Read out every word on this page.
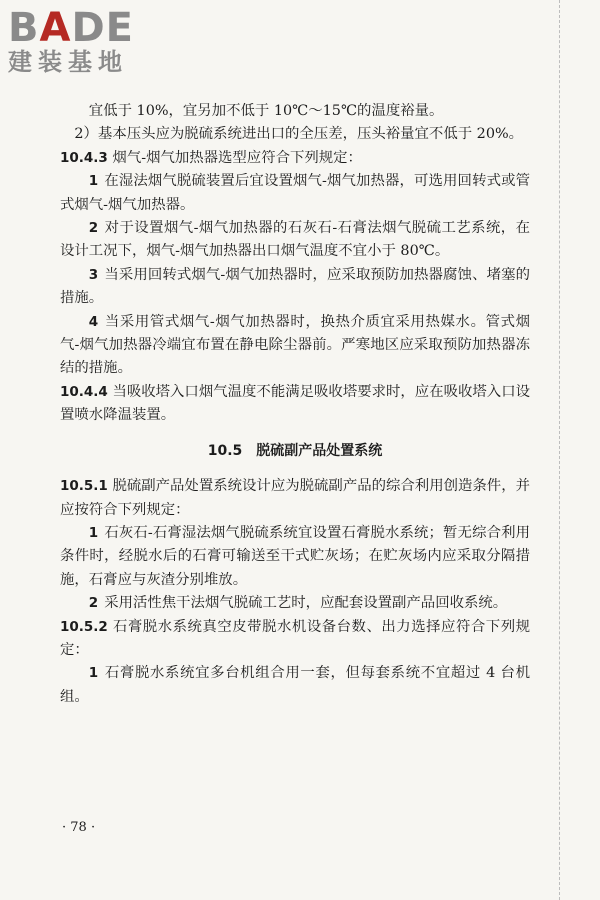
BADE
建装基地

宜低于 10%，宜另加不低于 10℃～15℃的温度裕量。

2）基本压头应为脱硫系统进出口的全压差，压头裕量宜不低于 20%。

10.4.3 烟气-烟气加热器选型应符合下列规定：

1 在湿法烟气脱硫装置后宜设置烟气-烟气加热器，可选用回转式或管式烟气-烟气加热器。

2 对于设置烟气-烟气加热器的石灰石-石膏法烟气脱硫工艺系统，在设计工况下，烟气-烟气加热器出口烟气温度不宜小于 80℃。

3 当采用回转式烟气-烟气加热器时，应采取预防加热器腐蚀、堵塞的措施。

4 当采用管式烟气-烟气加热器时，换热介质宜采用热媒水。管式烟气-烟气加热器冷端宜布置在静电除尘器前。严寒地区应采取预防加热器冻结的措施。

10.4.4 当吸收塔入口烟气温度不能满足吸收塔要求时，应在吸收塔入口设置喷水降温装置。

10.5　脱硫副产品处置系统

10.5.1 脱硫副产品处置系统设计应为脱硫副产品的综合利用创造条件，并应按符合下列规定：

1 石灰石-石膏湿法烟气脱硫系统宜设置石膏脱水系统；暂无综合利用条件时，经脱水后的石膏可输送至干式贮灰场；在贮灰场内应采取分隔措施，石膏应与灰渣分别堆放。

2 采用活性焦干法烟气脱硫工艺时，应配套设置副产品回收系统。

10.5.2 石膏脱水系统真空皮带脱水机设备台数、出力选择应符合下列规定：

1 石膏脱水系统宜多台机组合用一套，但每套系统不宜超过 4 台机组。

· 78 ·
